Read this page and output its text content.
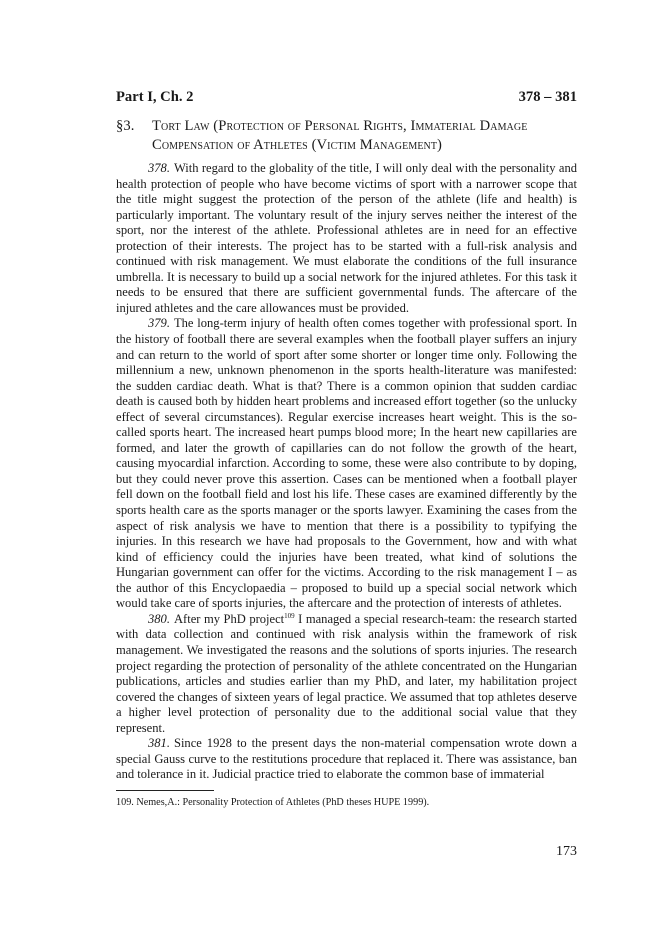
Part I, Ch. 2	378 – 381
§3.	Tort Law (Protection of Personal Rights, Immaterial Damage Compensation of Athletes (Victim Management)

378. With regard to the globality of the title, I will only deal with the personality and health protection of people who have become victims of sport with a narrower scope that the title might suggest the protection of the person of the athlete (life and health) is particularly important. The voluntary result of the injury serves neither the interest of the sport, nor the interest of the athlete. Professional athletes are in need for an effective protection of their interests. The project has to be started with a full-risk analysis and continued with risk management. We must elaborate the conditions of the full insurance umbrella. It is necessary to build up a social network for the injured athletes. For this task it needs to be ensured that there are sufficient governmental funds. The aftercare of the injured athletes and the care allowances must be provided.

379. The long-term injury of health often comes together with professional sport. In the history of football there are several examples when the football player suffers an injury and can return to the world of sport after some shorter or longer time only. Following the millennium a new, unknown phenomenon in the sports health-literature was manifested: the sudden cardiac death. What is that? There is a common opinion that sudden cardiac death is caused both by hidden heart problems and increased effort together (so the unlucky effect of several circumstances). Regular exercise increases heart weight. This is the so-called sports heart. The increased heart pumps blood more; In the heart new capillaries are formed, and later the growth of capillaries can do not follow the growth of the heart, causing myocardial infarction. According to some, these were also contribute to by doping, but they could never prove this assertion. Cases can be mentioned when a football player fell down on the football field and lost his life. These cases are examined differently by the sports health care as the sports manager or the sports lawyer. Examining the cases from the aspect of risk analysis we have to mention that there is a possibility to typifying the injuries. In this research we have had proposals to the Government, how and with what kind of efficiency could the injuries have been treated, what kind of solutions the Hungarian government can offer for the victims. According to the risk management I – as the author of this Encyclopaedia – proposed to build up a special social network which would take care of sports injuries, the aftercare and the protection of interests of athletes.

380. After my PhD project$^{109}$ I managed a special research-team: the research started with data collection and continued with risk analysis within the framework of risk management. We investigated the reasons and the solutions of sports injuries. The research project regarding the protection of personality of the athlete concentrated on the Hungarian publications, articles and studies earlier than my PhD, and later, my habilitation project covered the changes of sixteen years of legal practice. We assumed that top athletes deserve a higher level protection of personality due to the additional social value that they represent.

381. Since 1928 to the present days the non-material compensation wrote down a special Gauss curve to the restitutions procedure that replaced it. There was assistance, ban and tolerance in it. Judicial practice tried to elaborate the common base of immaterial

109. Nemes,A.: Personality Protection of Athletes (PhD theses HUPE 1999).
173
